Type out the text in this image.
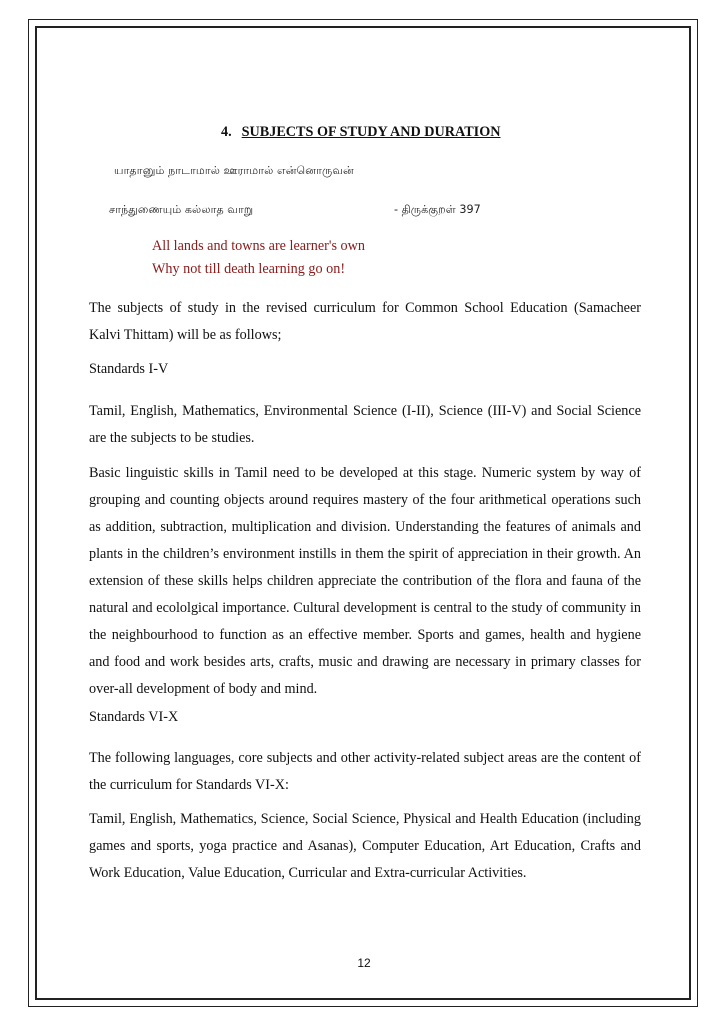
4. SUBJECTS OF STUDY AND DURATION
யாதானும் நாடாமால் ஊராமால் என்னொருவன்
சாந்துணையும் கல்லாத வாறு	- திருக்குறள் 397
All lands and towns are learner's own
Why not till death learning go on!

The subjects of study in the revised curriculum for Common School Education (Samacheer Kalvi Thittam) will be as follows;

Standards I-V

Tamil, English, Mathematics, Environmental Science (I-II), Science (III-V) and Social Science are the subjects to be studies.

Basic linguistic skills in Tamil need to be developed at this stage. Numeric system by way of grouping and counting objects around requires mastery of the four arithmetical operations such as addition, subtraction, multiplication and division. Understanding the features of animals and plants in the children’s environment instills in them the spirit of appreciation in their growth. An extension of these skills helps children appreciate the contribution of the flora and fauna of the natural and ecololgical importance. Cultural development is central to the study of community in the neighbourhood to function as an effective member. Sports and games, health and hygiene and food and work besides arts, crafts, music and drawing are necessary in primary classes for over-all development of body and mind.

Standards VI-X

The following languages, core subjects and other activity-related subject areas are the content of the curriculum for Standards VI-X:

Tamil, English, Mathematics, Science, Social Science, Physical and Health Education (including games and sports, yoga practice and Asanas), Computer Education, Art Education, Crafts and Work Education, Value Education, Curricular and Extra-curricular Activities.

12
